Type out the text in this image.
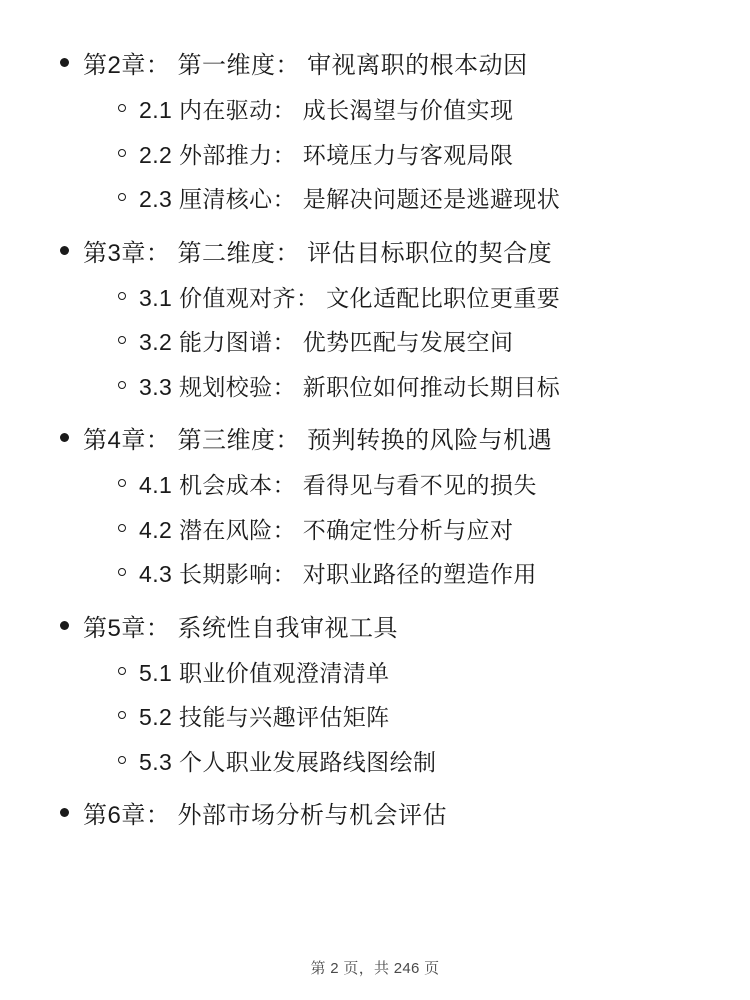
第2章： 第一维度： 审视离职的根本动因
2.1 内在驱动： 成长渴望与价值实现
2.2 外部推力： 环境压力与客观局限
2.3 厘清核心： 是解决问题还是逃避现状
第3章： 第二维度： 评估目标职位的契合度
3.1 价值观对齐： 文化适配比职位更重要
3.2 能力图谱： 优势匹配与发展空间
3.3 规划校验： 新职位如何推动长期目标
第4章： 第三维度： 预判转换的风险与机遇
4.1 机会成本： 看得见与看不见的损失
4.2 潜在风险： 不确定性分析与应对
4.3 长期影响： 对职业路径的塑造作用
第5章： 系统性自我审视工具
5.1 职业价值观澄清清单
5.2 技能与兴趣评估矩阵
5.3 个人职业发展路线图绘制
第6章： 外部市场分析与机会评估
第 2 页，共 246 页
